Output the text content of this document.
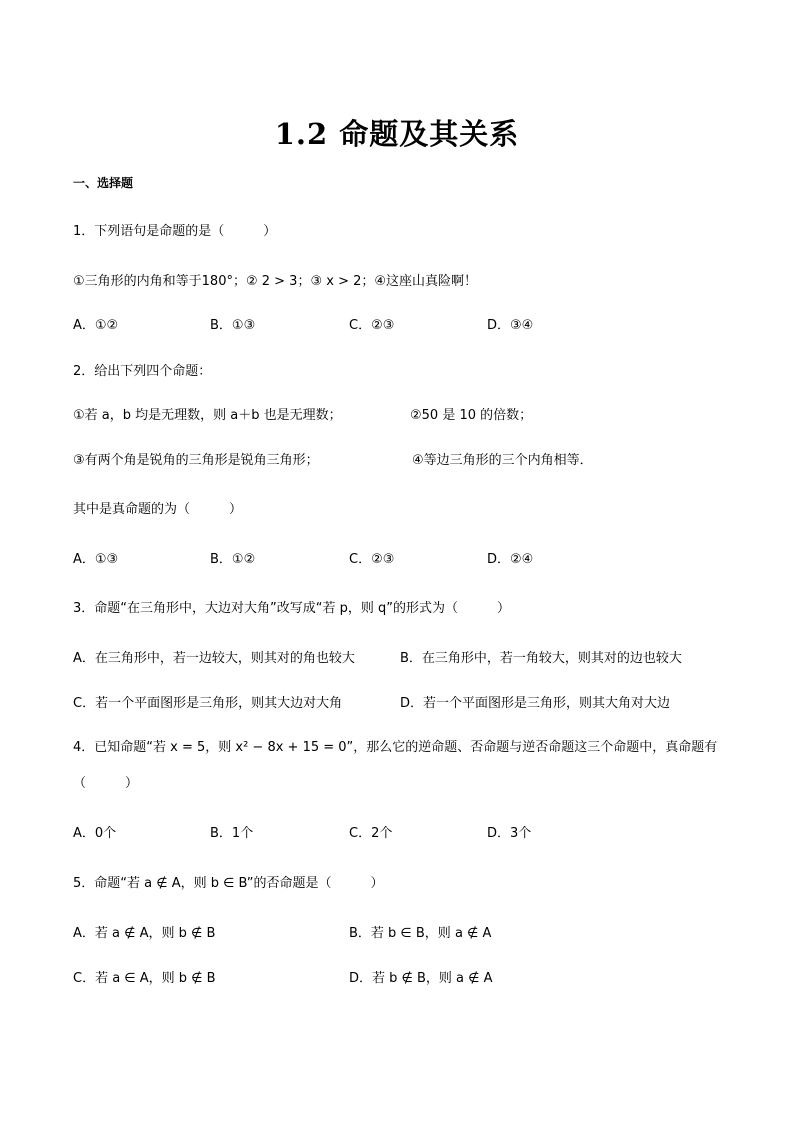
1.2 命题及其关系
一、选择题
1．下列语句是命题的是（　　　）
①三角形的内角和等于180°；② 2 > 3；③ x > 2；④这座山真险啊！
A．①②	B．①③	C．②③	D．③④
2．给出下列四个命题：
①若 a，b 均是无理数，则 a＋b 也是无理数；	②50 是 10 的倍数；
③有两个角是锐角的三角形是锐角三角形；	④等边三角形的三个内角相等．
其中是真命题的为（　　　）
A．①③	B．①②	C．②③	D．②④
3．命题“在三角形中，大边对大角”改写成“若 p，则 q”的形式为（　　　）
A．在三角形中，若一边较大，则其对的角也较大	B．在三角形中，若一角较大，则其对的边也较大
C．若一个平面图形是三角形，则其大边对大角	D．若一个平面图形是三角形，则其大角对大边
4．已知命题“若 x = 5，则 x² − 8x + 15 = 0”，那么它的逆命题、否命题与逆否命题这三个命题中，真命题有
（　　　）
A．0个	B．1个	C．2个	D．3个
5．命题“若 a ∉ A，则 b ∈ B”的否命题是（　　　）
A．若 a ∉ A，则 b ∉ B	B．若 b ∈ B，则 a ∉ A
C．若 a ∈ A，则 b ∉ B	D．若 b ∉ B，则 a ∉ A
